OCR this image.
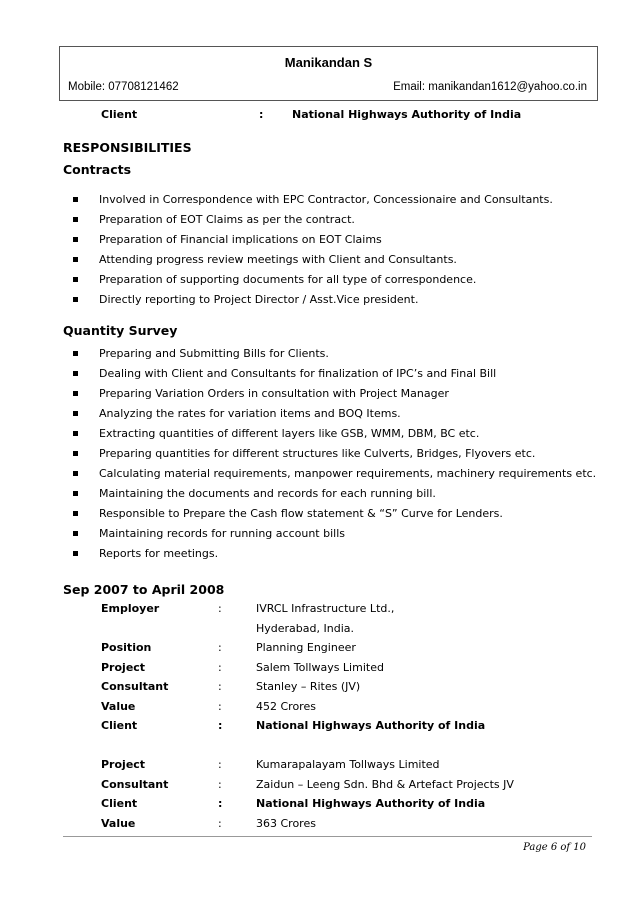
Manikandan S
Mobile: 07708121462	Email: manikandan1612@yahoo.co.in
Client	:	National Highways Authority of India
RESPONSIBILITIES
Contracts
Involved in Correspondence with EPC Contractor, Concessionaire and Consultants.
Preparation of EOT Claims as per the contract.
Preparation of Financial implications on EOT Claims
Attending progress review meetings with Client and Consultants.
Preparation of supporting documents for all type of correspondence.
Directly reporting to Project Director / Asst.Vice president.
Quantity Survey
Preparing and Submitting Bills for Clients.
Dealing with Client and Consultants for finalization of IPC’s and Final Bill
Preparing Variation Orders in consultation with Project Manager
Analyzing the rates for variation items and BOQ Items.
Extracting quantities of different layers like GSB, WMM, DBM, BC etc.
Preparing quantities for different structures like Culverts, Bridges, Flyovers etc.
Calculating material requirements, manpower requirements, machinery requirements etc.
Maintaining the documents and records for each running bill.
Responsible to Prepare the Cash flow statement & “S” Curve for Lenders.
Maintaining records for running account bills
Reports for meetings.
Sep 2007 to April 2008
Employer	:	IVRCL Infrastructure Ltd.,
Hyderabad, India.
Position	:	Planning Engineer
Project	:	Salem Tollways Limited
Consultant	:	Stanley – Rites (JV)
Value	:	452 Crores
Client	:	National Highways Authority of India
Project	:	Kumarapalayam Tollways Limited
Consultant	:	Zaidun – Leeng Sdn. Bhd & Artefact Projects JV
Client	:	National Highways Authority of India
Value	:	363 Crores
Page 6 of 10
